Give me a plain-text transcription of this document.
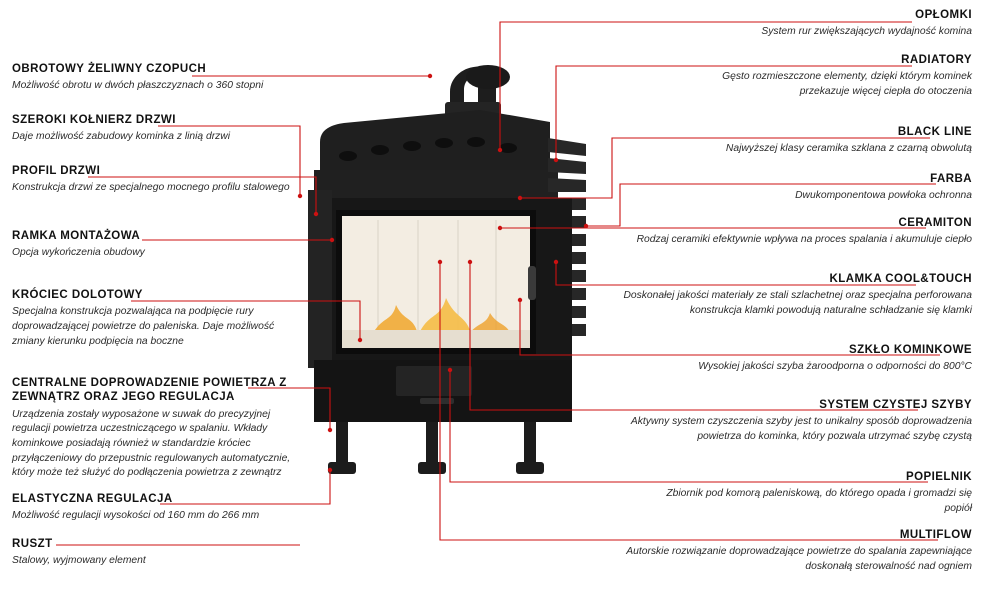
OBROTOWY ŻELIWNY CZOPUCH
Możliwość obrotu w dwóch płaszczyznach o 360 stopni
SZEROKI KOŁNIERZ DRZWI
Daje możliwość zabudowy kominka z linią drzwi
PROFIL DRZWI
Konstrukcja drzwi ze specjalnego mocnego profilu stalowego
RAMKA MONTAŻOWA
Opcja wykończenia obudowy
KRÓCIEC DOLOTOWY
Specjalna konstrukcja pozwalająca na podpięcie rury doprowadzającej powietrze do paleniska. Daje możliwość zmiany kierunku podpięcia na boczne
CENTRALNE DOPROWADZENIE POWIETRZA Z ZEWNĄTRZ ORAZ JEGO REGULACJA
Urządzenia zostały wyposażone w suwak do precyzyjnej regulacji powietrza uczestniczącego w spalaniu. Wkłady kominkowe posiadają również w standardzie króciec przyłączeniowy do przepustnic regulowanych automatycznie, który może też służyć do podłączenia powietrza z zewnątrz
ELASTYCZNA REGULACJA
Możliwość regulacji wysokości od 160 mm do 266 mm
RUSZT
Stalowy, wyjmowany element
OPŁOMKI
System rur zwiększających wydajność komina
RADIATORY
Gęsto rozmieszczone elementy, dzięki którym kominek przekazuje więcej ciepła do otoczenia
BLACK LINE
Najwyższej klasy ceramika szklana z czarną obwolutą
FARBA
Dwukomponentowa powłoka ochronna
CERAMITON
Rodzaj ceramiki efektywnie wpływa na proces spalania i akumuluje ciepło
KLAMKA COOL&TOUCH
Doskonałej jakości materiały ze stali szlachetnej oraz specjalna perforowana konstrukcja klamki powodują naturalne schładzanie się klamki
SZKŁO KOMINKOWE
Wysokiej jakości szyba żaroodporna o odporności do 800°C
SYSTEM CZYSTEJ SZYBY
Aktywny system czyszczenia szyby jest to unikalny sposób doprowadzenia powietrza do kominka, który pozwala utrzymać szybę czystą
POPIELNIK
Zbiornik pod komorą paleniskową, do którego opada i gromadzi się popiół
MULTIFLOW
Autorskie rozwiązanie doprowadzające powietrze do spalania zapewniające doskonałą sterowalność nad ogniem
